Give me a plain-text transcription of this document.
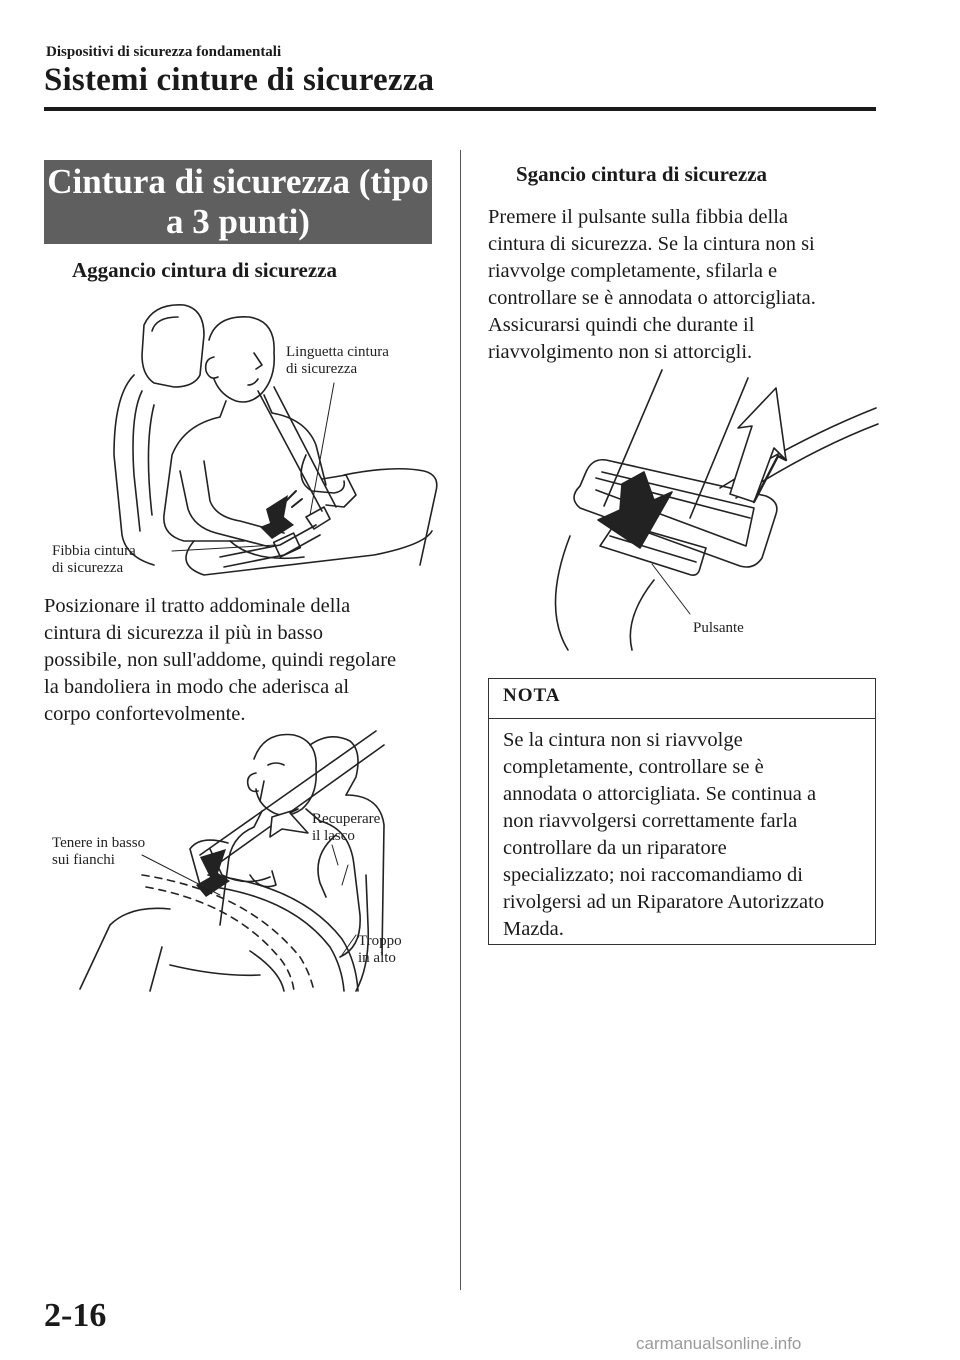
Dispositivi di sicurezza fondamentali
Sistemi cinture di sicurezza
Cintura di sicurezza (tipo
a 3 punti)
Aggancio cintura di sicurezza
Linguetta cintura
di sicurezza
Fibbia cintura
di sicurezza
Posizionare il tratto addominale della
cintura di sicurezza il più in basso
possibile, non sull'addome, quindi regolare
la bandoliera in modo che aderisca al
corpo confortevolmente.
Tenere in basso
sui fianchi
Recuperare
il lasco
Troppo
in alto
Sgancio cintura di sicurezza
Premere il pulsante sulla fibbia della
cintura di sicurezza. Se la cintura non si
riavvolge completamente, sfilarla e
controllare se è annodata o attorcigliata.
Assicurarsi quindi che durante il
riavvolgimento non si attorcigli.
Pulsante
NOTA
Se la cintura non si riavvolge
completamente, controllare se è
annodata o attorcigliata. Se continua a
non riavvolgersi correttamente farla
controllare da un riparatore
specializzato; noi raccomandiamo di
rivolgersi ad un Riparatore Autorizzato
Mazda.
2-16
carmanualsonline.info
